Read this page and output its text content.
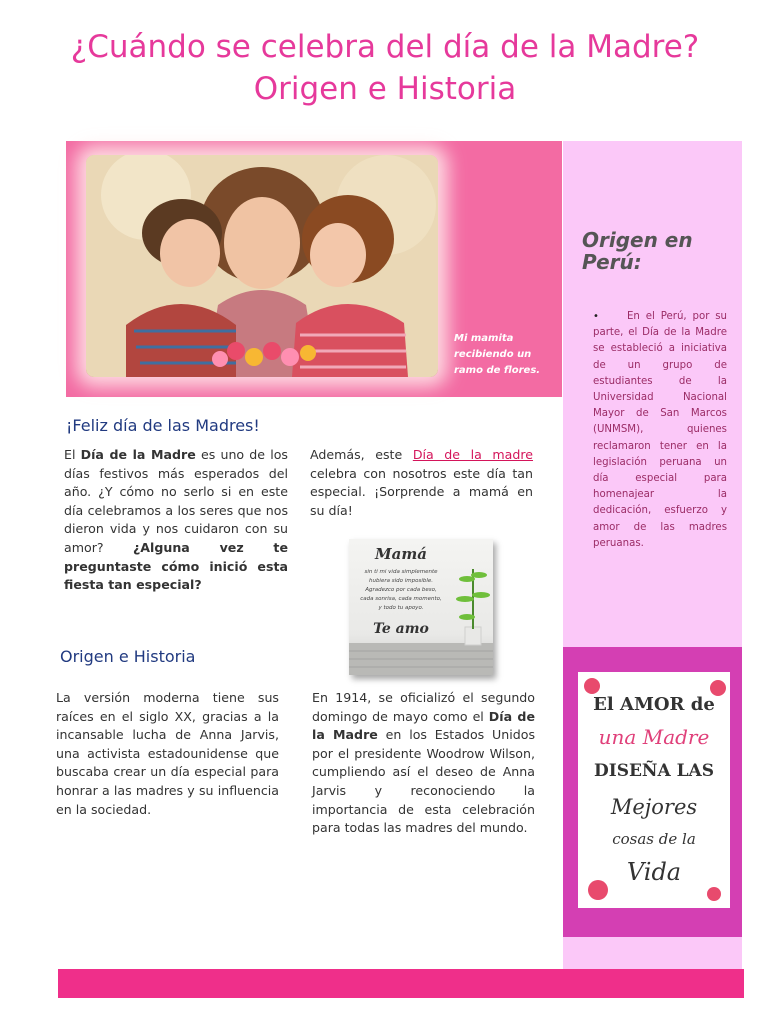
¿Cuándo se celebra del día de la Madre? Origen e Historia
Mi mamita recibiendo un ramo de flores.
Origen en Perú:
•	En el Perú, por su parte, el Día de la Madre se estableció a iniciativa de un grupo de estudiantes de la Universidad Nacional Mayor de San Marcos (UNMSM), quienes reclamaron tener en la legislación peruana un día especial para homenajear la dedicación, esfuerzo y amor de las madres peruanas.
El AMOR de
una Madre
DISEÑA LAS
Mejores
cosas de la
Vida
¡Feliz día de las Madres!

El Día de la Madre es uno de los días festivos más esperados del año. ¿Y cómo no serlo si en este día celebramos a los seres que nos dieron vida y nos cuidaron con su amor? ¿Alguna vez te preguntaste cómo inició esta fiesta tan especial?

Además, este Día de la madre celebra con nosotros este día tan especial. ¡Sorprende a mamá en su día!

Mamá
sin ti mi vida simplemente
hubiera sido imposible.
Agradezco por cada beso,
cada sonrisa, cada momento,
y todo tu apoyo.
Te amo
Origen e Historia

La versión moderna tiene sus raíces en el siglo XX, gracias a la incansable lucha de Anna Jarvis, una activista estadounidense que buscaba crear un día especial para honrar a las madres y su influencia en la sociedad.

En 1914, se oficializó el segundo domingo de mayo como el Día de la Madre en los Estados Unidos por el presidente Woodrow Wilson, cumpliendo así el deseo de Anna Jarvis y reconociendo la importancia de esta celebración para todas las madres del mundo.
